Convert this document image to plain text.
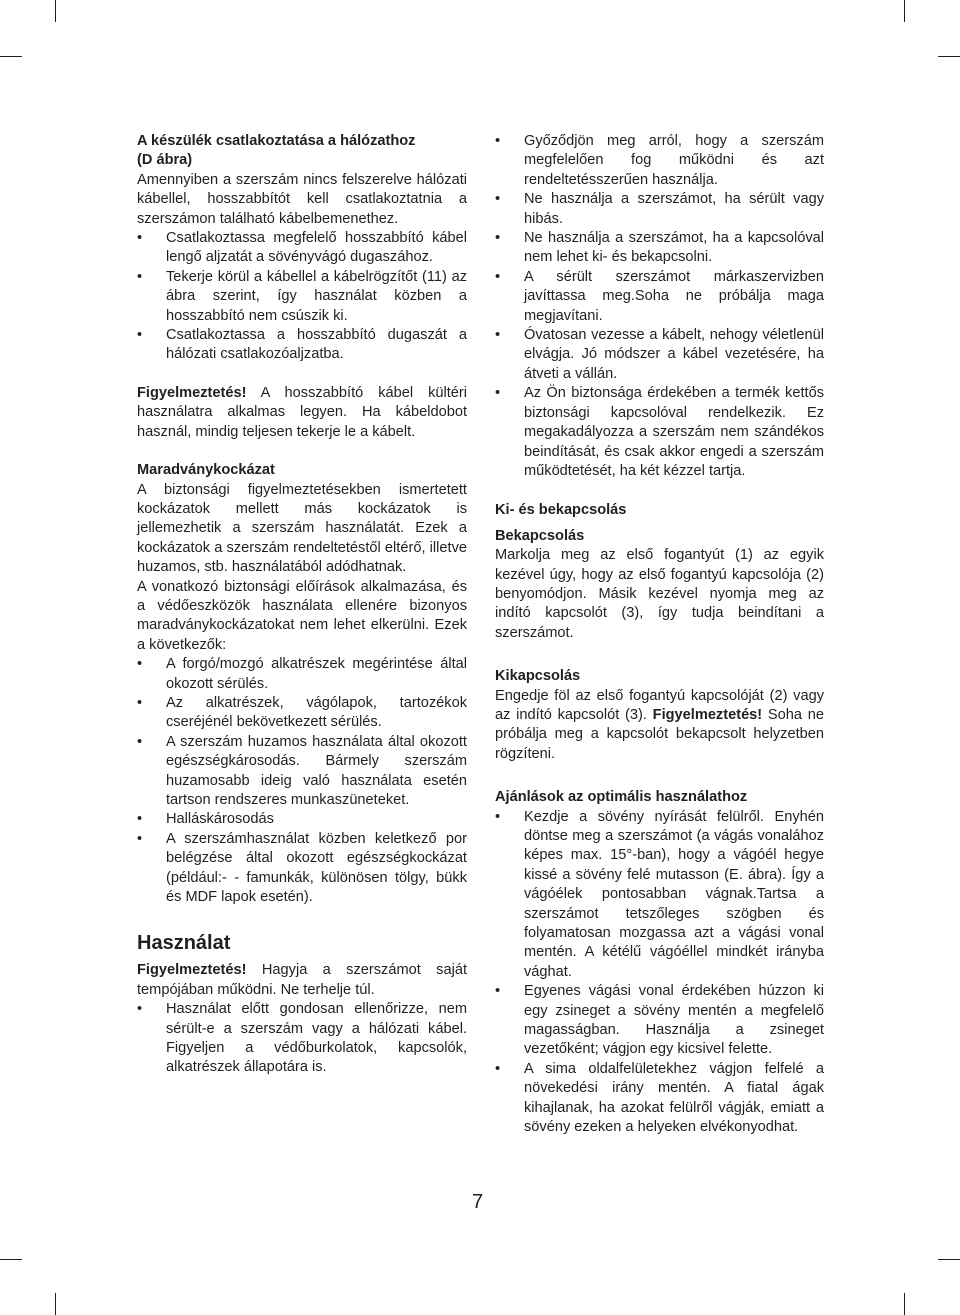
A készülék csatlakoztatása a hálózathoz
(D ábra)

Amennyiben a szerszám nincs felszerelve hálózati kábellel, hosszabbítót kell csatlakoztatnia a szerszámon található kábelbemenethez.

• Csatlakoztassa megfelelő hosszabbító kábel lengő aljzatát a sövényvágó dugaszához.
• Tekerje körül a kábellel a kábelrögzítőt (11) az ábra szerint, így használat közben a hosszabbító nem csúszik ki.
• Csatlakoztassa a hosszabbító dugaszát a hálózati csatlakozóaljzatba.

Figyelmeztetés! A hosszabbító kábel kültéri használatra alkalmas legyen. Ha kábeldobot használ, mindig teljesen tekerje le a kábelt.

Maradványkockázat

A biztonsági figyelmeztetésekben ismertetett kockázatok mellett más kockázatok is jellemezhetik a szerszám használatát. Ezek a kockázatok a szerszám rendeltetéstől eltérő, illetve huzamos, stb. használatából adódhatnak.

A vonatkozó biztonsági előírások alkalmazása, és a védőeszközök használata ellenére bizonyos maradványkockázatokat nem lehet elkerülni. Ezek a következők:

• A forgó/mozgó alkatrészek megérintése által okozott sérülés.
• Az alkatrészek, vágólapok, tartozékok cseréjénél bekövetkezett sérülés.
• A szerszám huzamos használata által okozott egészségkárosodás. Bármely szerszám huzamosabb ideig való használata esetén tartson rendszeres munkaszüneteket.
• Halláskárosodás
• A szerszámhasználat közben keletkező por belégzése által okozott egészségkockázat (például:- - famunkák, különösen tölgy, bükk és MDF lapok esetén).
Használat

Figyelmeztetés! Hagyja a szerszámot saját tempójában működni. Ne terhelje túl.

• Használat előtt gondosan ellenőrizze, nem sérült-e a szerszám vagy a hálózati kábel. Figyeljen a védőburkolatok, kapcsolók, alkatrészek állapotára is.
• Győződjön meg arról, hogy a szerszám megfelelően fog működni és azt rendeltetésszerűen használja.
• Ne használja a szerszámot, ha sérült vagy hibás.
• Ne használja a szerszámot, ha a kapcsolóval nem lehet ki- és bekapcsolni.
• A sérült szerszámot márkaszervizben javíttassa meg.Soha ne próbálja maga megjavítani.
• Óvatosan vezesse a kábelt, nehogy véletlenül elvágja. Jó módszer a kábel vezetésére, ha átveti a vállán.
• Az Ön biztonsága érdekében a termék kettős biztonsági kapcsolóval rendelkezik. Ez megakadályozza a szerszám nem szándékos beindítását, és csak akkor engedi a szerszám működtetését, ha két kézzel tartja.
Ki- és bekapcsolás
Bekapcsolás

Markolja meg az első fogantyút (1) az egyik kezével úgy, hogy az első fogantyú kapcsolója (2) benyomódjon. Másik kezével nyomja meg az indító kapcsolót (3), így tudja beindítani a szerszámot.

Kikapcsolás

Engedje föl az első fogantyú kapcsolóját (2) vagy az indító kapcsolót (3). Figyelmeztetés! Soha ne próbálja meg a kapcsolót bekapcsolt helyzetben rögzíteni.

Ajánlások az optimális használathoz
• Kezdje a sövény nyírását felülről. Enyhén döntse meg a szerszámot (a vágás vonalához képes max. 15°-ban), hogy a vágóél hegye kissé a sövény felé mutasson (E. ábra). Így a vágóélek pontosabban vágnak.Tartsa a szerszámot tetszőleges szögben és folyamatosan mozgassa azt a vágási vonal mentén. A kétélű vágóéllel mindkét irányba vághat.
• Egyenes vágási vonal érdekében húzzon ki egy zsineget a sövény mentén a megfelelő magasságban. Használja a zsineget vezetőként; vágjon egy kicsivel felette.
• A sima oldalfelületekhez vágjon felfelé a növekedési irány mentén. A fiatal ágak kihajlanak, ha azokat felülről vágják, emiatt a sövény ezeken a helyeken elvékonyodhat.
7
